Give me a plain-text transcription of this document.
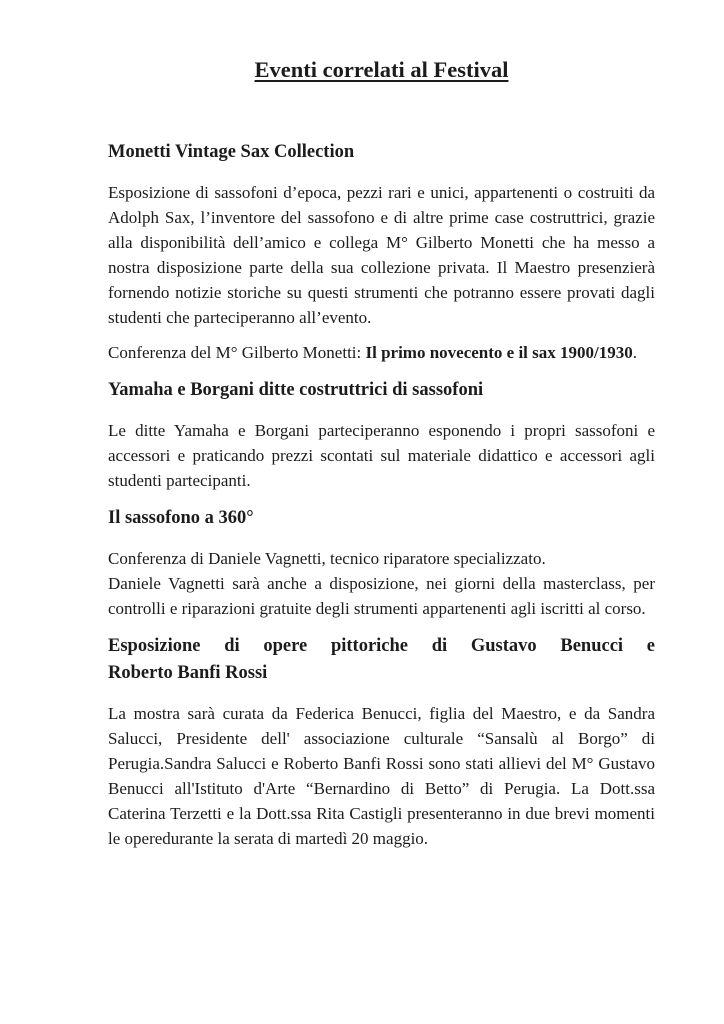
Eventi correlati al Festival
Monetti Vintage Sax Collection

Esposizione di sassofoni d’epoca, pezzi rari e unici, appartenenti o costruiti da Adolph Sax, l’inventore del sassofono e di altre prime case costruttrici, grazie alla disponibilità dell’amico e collega M° Gilberto Monetti che ha messo a nostra disposizione parte della sua collezione privata. Il Maestro presenzierà fornendo notizie storiche su questi strumenti che potranno essere provati dagli studenti che parteciperanno all’evento.

Conferenza del M° Gilberto Monetti: Il primo novecento e il sax 1900/1930.

Yamaha e Borgani ditte costruttrici di sassofoni

Le ditte Yamaha e Borgani parteciperanno esponendo i propri sassofoni e accessori e praticando prezzi scontati sul materiale didattico e accessori agli studenti partecipanti.

Il sassofono a 360°

Conferenza di Daniele Vagnetti, tecnico riparatore specializzato.
Daniele Vagnetti sarà anche a disposizione, nei giorni della masterclass, per controlli e riparazioni gratuite degli strumenti appartenenti agli iscritti al corso.

Esposizione di opere pittoriche di Gustavo Benucci e
Roberto Banfi Rossi

La mostra sarà curata da Federica Benucci, figlia del Maestro, e da Sandra Salucci, Presidente dell' associazione culturale “Sansalù al Borgo” di Perugia.Sandra Salucci e Roberto Banfi Rossi sono stati allievi del M° Gustavo Benucci all'Istituto d'Arte “Bernardino di Betto” di Perugia. La Dott.ssa Caterina Terzetti e la Dott.ssa Rita Castigli presenteranno in due brevi momenti le operedurante la serata di martedì 20 maggio.
